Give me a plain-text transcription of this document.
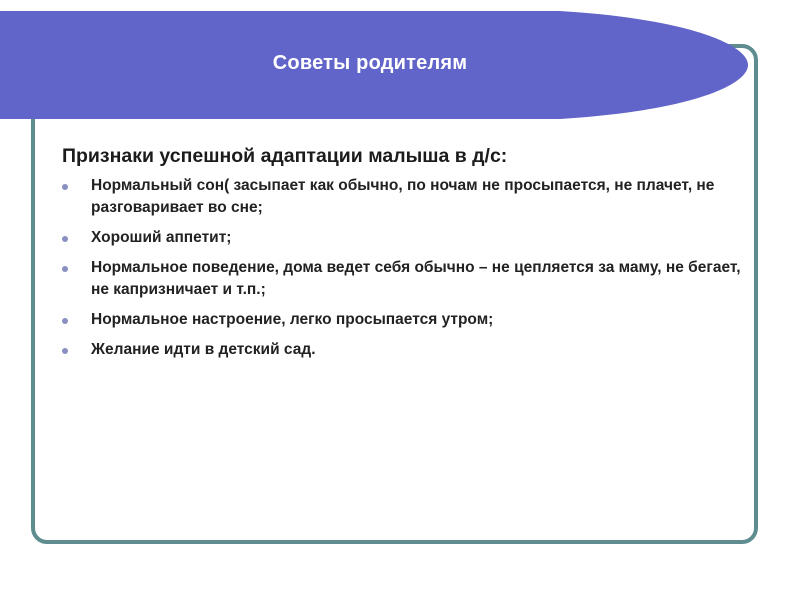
Советы родителям
Признаки успешной адаптации малыша в д/с:
Нормальный сон( засыпает как обычно, по ночам не просыпается, не плачет, не разговаривает во сне;
Хороший аппетит;
Нормальное поведение, дома ведет себя обычно – не цепляется за маму, не бегает, не капризничает и т.п.;
Нормальное настроение, легко просыпается утром;
Желание идти в детский сад.
